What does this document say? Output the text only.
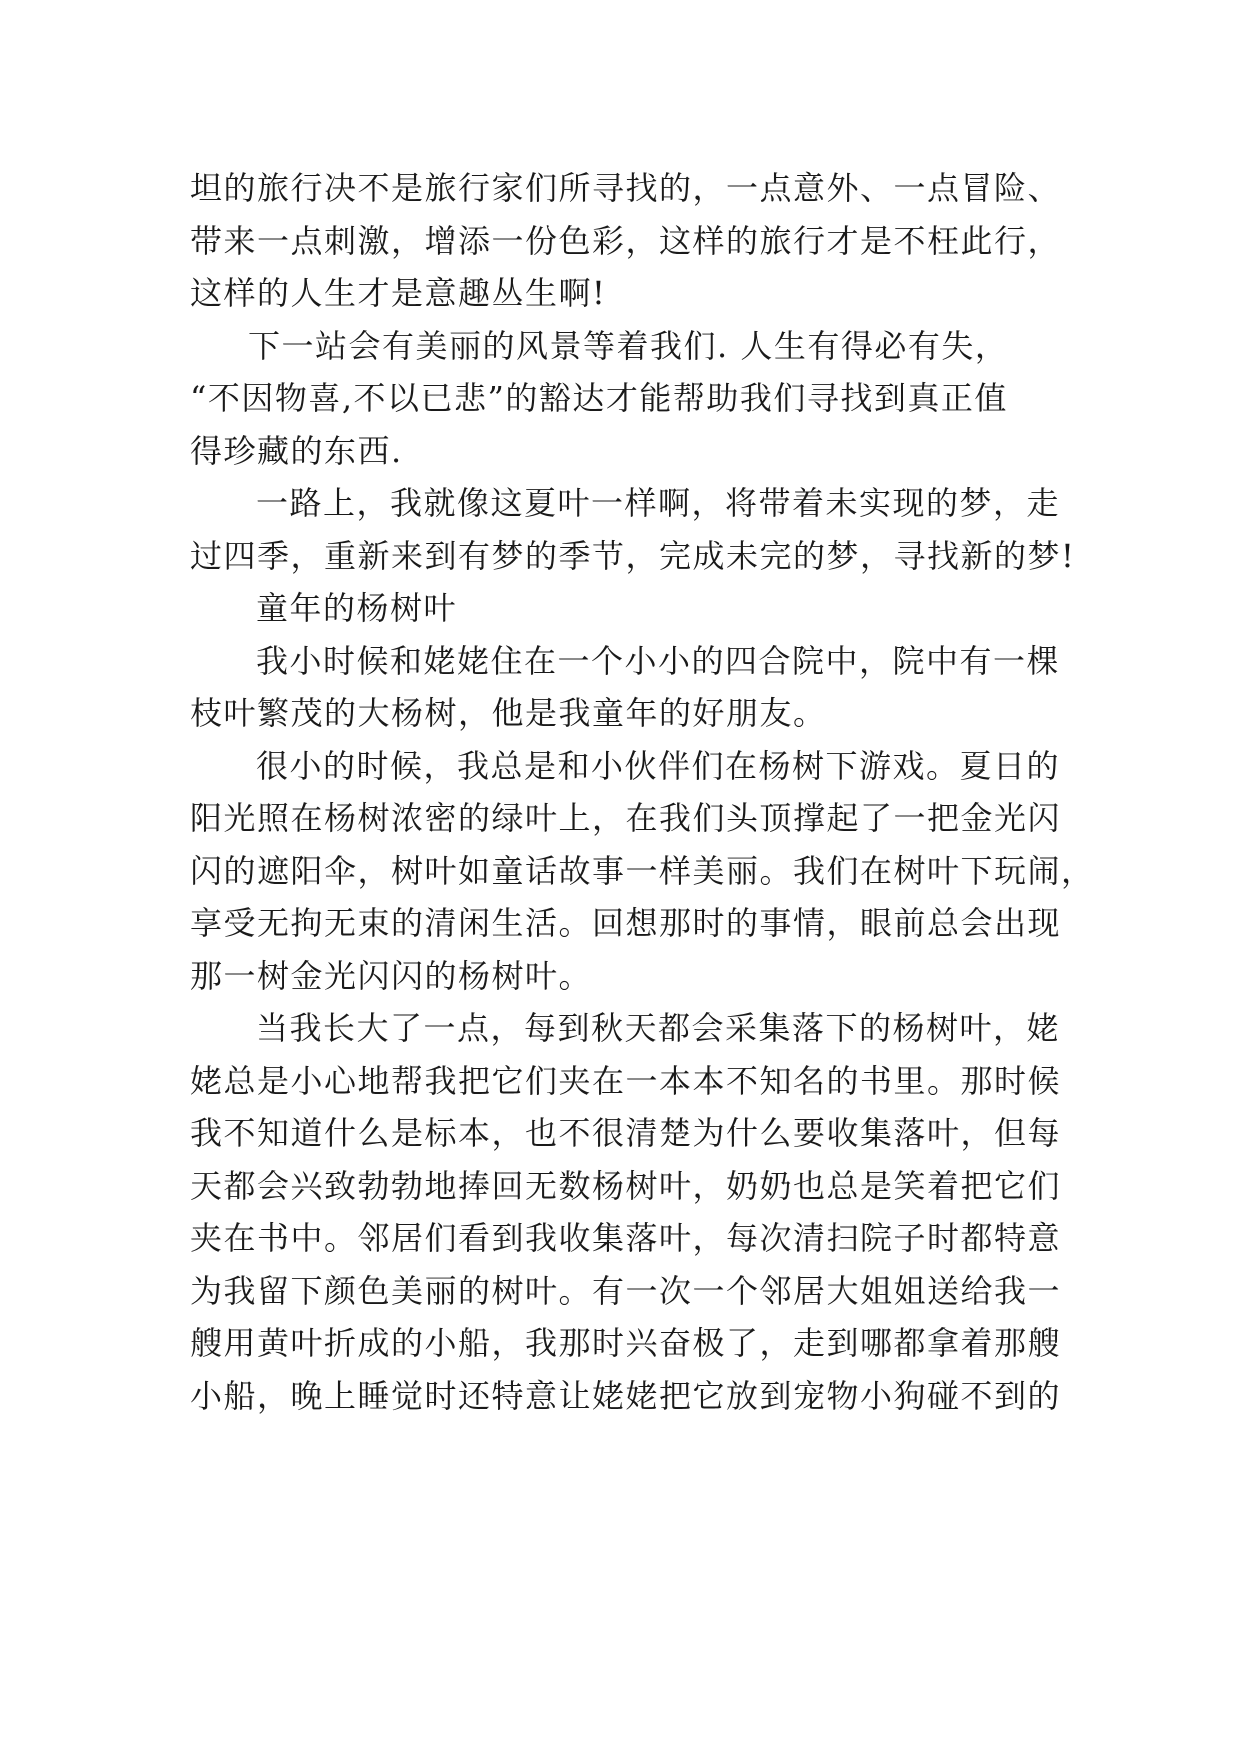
坦的旅行决不是旅行家们所寻找的，一点意外、一点冒险、
带来一点刺激，增添一份色彩，这样的旅行才是不枉此行，
这样的人生才是意趣丛生啊!
下一站会有美丽的风景等着我们. 人生有得必有失，
“不因物喜,不以已悲”的豁达才能帮助我们寻找到真正值
得珍藏的东西.
一路上，我就像这夏叶一样啊，将带着未实现的梦，走
过四季，重新来到有梦的季节，完成未完的梦，寻找新的梦!
童年的杨树叶
我小时候和姥姥住在一个小小的四合院中，院中有一棵
枝叶繁茂的大杨树，他是我童年的好朋友。
很小的时候，我总是和小伙伴们在杨树下游戏。夏日的
阳光照在杨树浓密的绿叶上，在我们头顶撑起了一把金光闪
闪的遮阳伞，树叶如童话故事一样美丽。我们在树叶下玩闹，
享受无拘无束的清闲生活。回想那时的事情，眼前总会出现
那一树金光闪闪的杨树叶。
当我长大了一点，每到秋天都会采集落下的杨树叶，姥
姥总是小心地帮我把它们夹在一本本不知名的书里。那时候
我不知道什么是标本，也不很清楚为什么要收集落叶，但每
天都会兴致勃勃地捧回无数杨树叶，奶奶也总是笑着把它们
夹在书中。邻居们看到我收集落叶，每次清扫院子时都特意
为我留下颜色美丽的树叶。有一次一个邻居大姐姐送给我一
艘用黄叶折成的小船，我那时兴奋极了，走到哪都拿着那艘
小船，晚上睡觉时还特意让姥姥把它放到宠物小狗碰不到的
